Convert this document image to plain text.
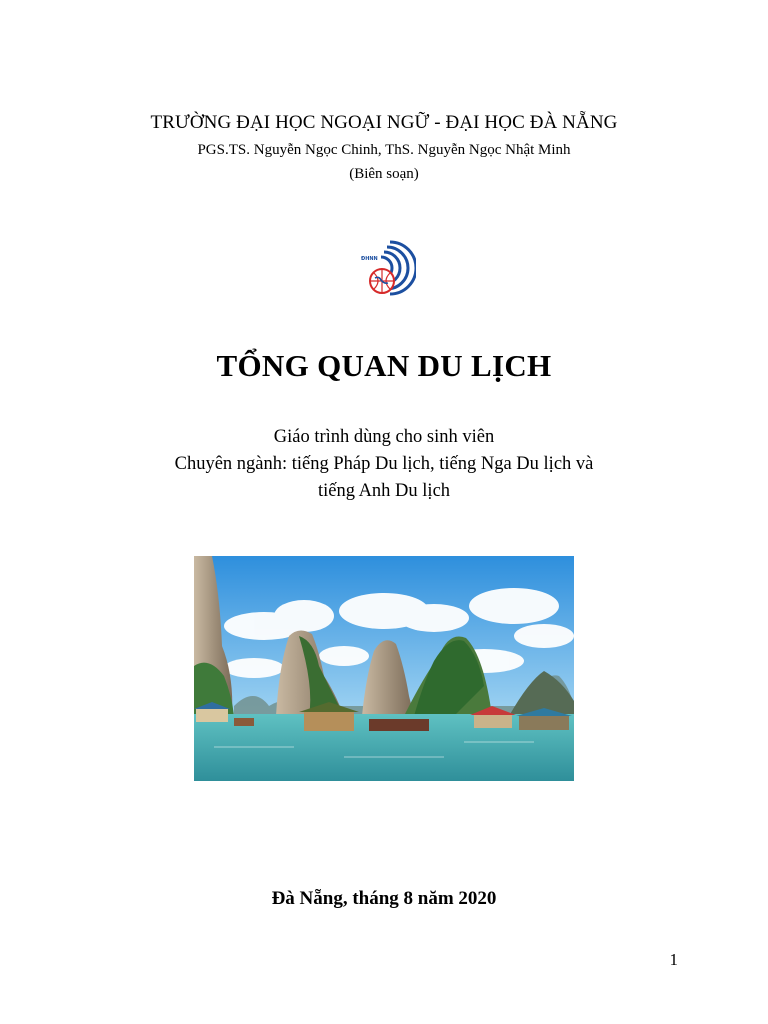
TRƯỜNG ĐẠI HỌC NGOẠI NGỮ - ĐẠI HỌC ĐÀ NẴNG
PGS.TS. Nguyễn Ngọc Chinh, ThS. Nguyễn Ngọc Nhật Minh
(Biên soạn)
ĐHNN
TỔNG QUAN DU LỊCH
Giáo trình dùng cho sinh viên
Chuyên ngành: tiếng Pháp Du lịch, tiếng Nga Du lịch và
tiếng Anh Du lịch
Đà Nẵng, tháng 8 năm 2020
1
